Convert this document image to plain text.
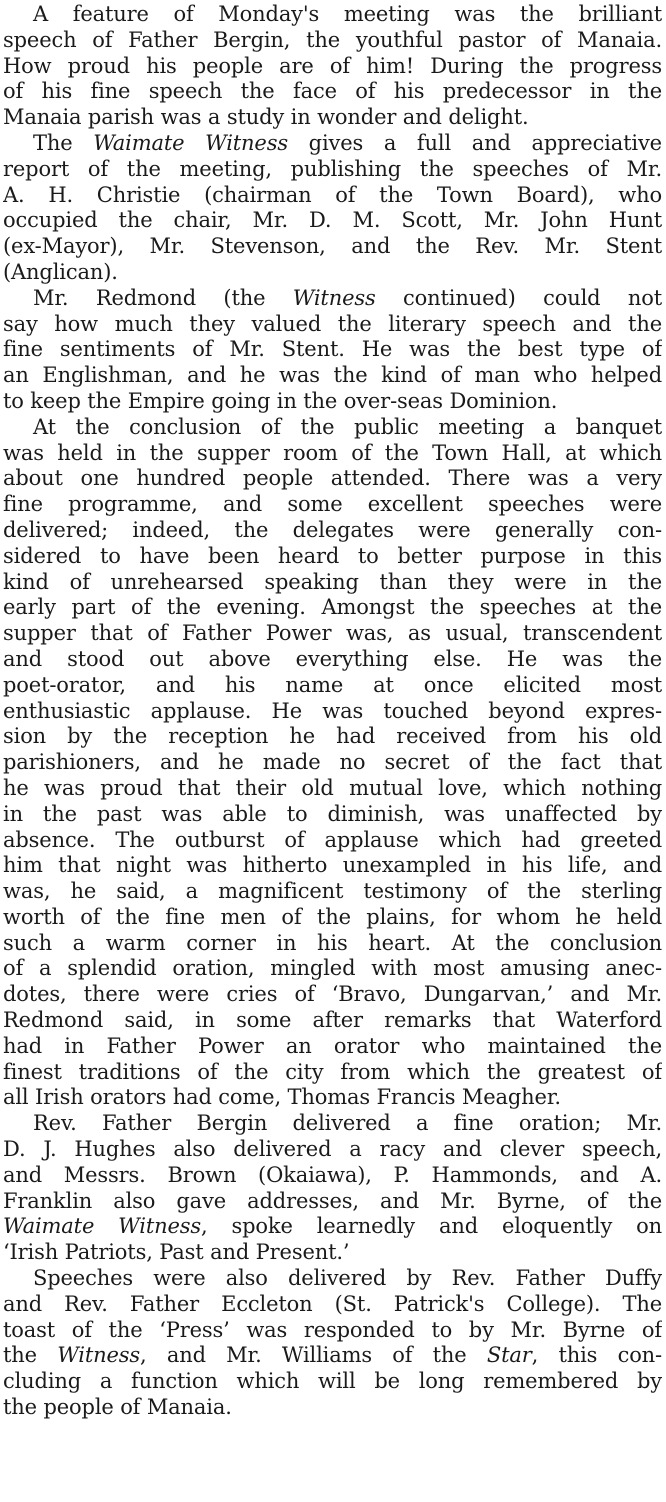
A feature of Monday's meeting was the brilliant
speech of Father Bergin, the youthful pastor of Manaia.
How proud his people are of him! During the progress
of his fine speech the face of his predecessor in the
Manaia parish was a study in wonder and delight.
The Waimate Witness gives a full and appreciative
report of the meeting, publishing the speeches of Mr.
A. H. Christie (chairman of the Town Board), who
occupied the chair, Mr. D. M. Scott, Mr. John Hunt
(ex-Mayor), Mr. Stevenson, and the Rev. Mr. Stent
(Anglican).
Mr. Redmond (the Witness continued) could not
say how much they valued the literary speech and the
fine sentiments of Mr. Stent. He was the best type of
an Englishman, and he was the kind of man who helped
to keep the Empire going in the over-seas Dominion.
At the conclusion of the public meeting a banquet
was held in the supper room of the Town Hall, at which
about one hundred people attended. There was a very
fine programme, and some excellent speeches were
delivered; indeed, the delegates were generally con-
sidered to have been heard to better purpose in this
kind of unrehearsed speaking than they were in the
early part of the evening. Amongst the speeches at the
supper that of Father Power was, as usual, transcendent
and stood out above everything else. He was the
poet-orator, and his name at once elicited most
enthusiastic applause. He was touched beyond expres-
sion by the reception he had received from his old
parishioners, and he made no secret of the fact that
he was proud that their old mutual love, which nothing
in the past was able to diminish, was unaffected by
absence. The outburst of applause which had greeted
him that night was hitherto unexampled in his life, and
was, he said, a magnificent testimony of the sterling
worth of the fine men of the plains, for whom he held
such a warm corner in his heart. At the conclusion
of a splendid oration, mingled with most amusing anec-
dotes, there were cries of ‘Bravo, Dungarvan,’ and Mr.
Redmond said, in some after remarks that Waterford
had in Father Power an orator who maintained the
finest traditions of the city from which the greatest of
all Irish orators had come, Thomas Francis Meagher.
Rev. Father Bergin delivered a fine oration; Mr.
D. J. Hughes also delivered a racy and clever speech,
and Messrs. Brown (Okaiawa), P. Hammonds, and A.
Franklin also gave addresses, and Mr. Byrne, of the
Waimate Witness, spoke learnedly and eloquently on
‘Irish Patriots, Past and Present.’
Speeches were also delivered by Rev. Father Duffy
and Rev. Father Eccleton (St. Patrick's College). The
toast of the ‘Press’ was responded to by Mr. Byrne of
the Witness, and Mr. Williams of the Star, this con-
cluding a function which will be long remembered by
the people of Manaia.
